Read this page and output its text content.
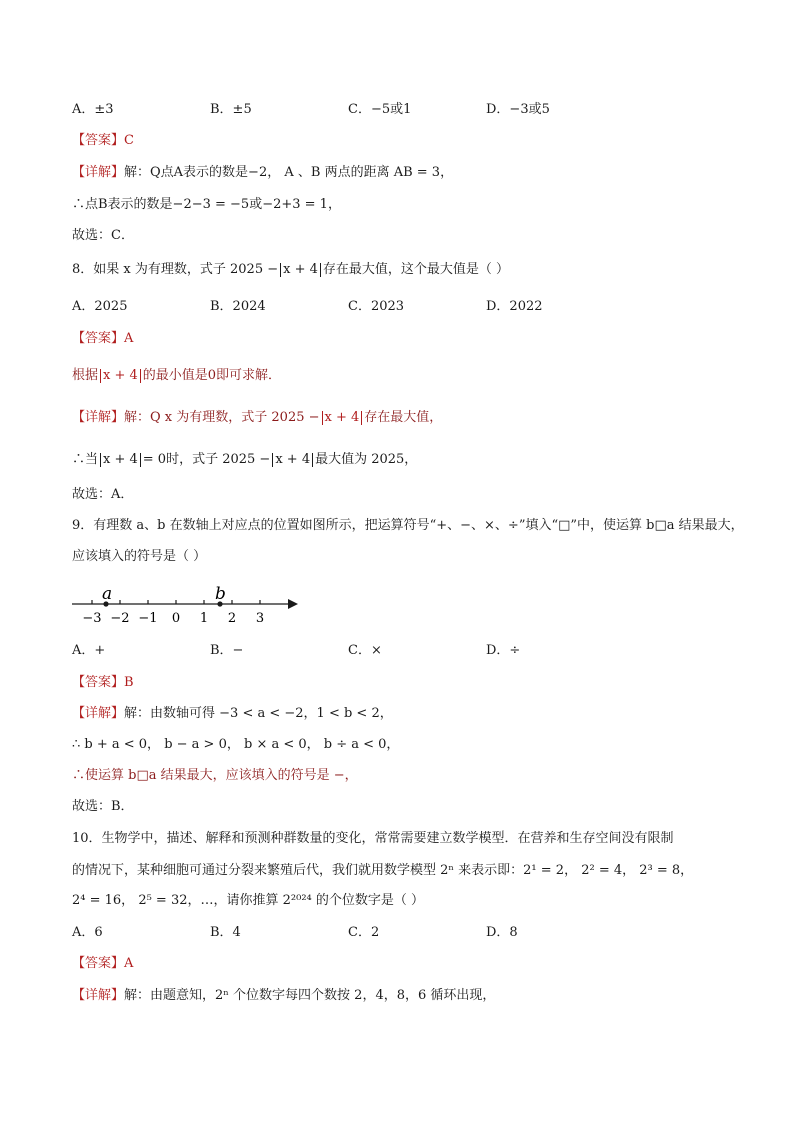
A．±3	B．±5	C．−5或1	D．−3或5
【答案】C
【详解】解：Q点A表示的数是−2， A 、B 两点的距离 AB = 3，
∴点B表示的数是−2−3 = −5或−2+3 = 1，
故选：C．
8．如果 x 为有理数，式子 2025 − x + 4 存在最大值，这个最大值是（ ）
A．2025	B．2024	C．2023	D．2022
【答案】A
根据 x + 4 的最小值是0即可求解．
【详解】解：Q x 为有理数，式子 2025 − x + 4 存在最大值，
∴当 x + 4 = 0时，式子 2025 − x + 4 最大值为 2025，
故选：A．
9．有理数 a、b 在数轴上对应点的位置如图所示，把运算符号“+、−、×、÷”填入“□”中，使运算 b□a 结果最大，
应该填入的符号是（ ）
−3 −2 −1 0 1 2 3
a	b
A．+	B．−	C．×	D．÷
【答案】B
【详解】解：由数轴可得 −3 < a < −2，1 < b < 2，
∴ b + a < 0， b − a > 0， b × a < 0， b ÷ a < 0，
∴使运算 b□a 结果最大，应该填入的符号是 −，
故选：B．
10．生物学中，描述、解释和预测种群数量的变化，常常需要建立数学模型．在营养和生存空间没有限制
的情况下，某种细胞可通过分裂来繁殖后代，我们就用数学模型 2ⁿ 来表示即：2¹ = 2， 2² = 4， 2³ = 8，
2⁴ = 16， 2⁵ = 32，…，请你推算 2²⁰²⁴ 的个位数字是（ ）
A．6	B．4	C．2	D．8
【答案】A
【详解】解：由题意知，2ⁿ 个位数字每四个数按 2，4，8，6 循环出现，
